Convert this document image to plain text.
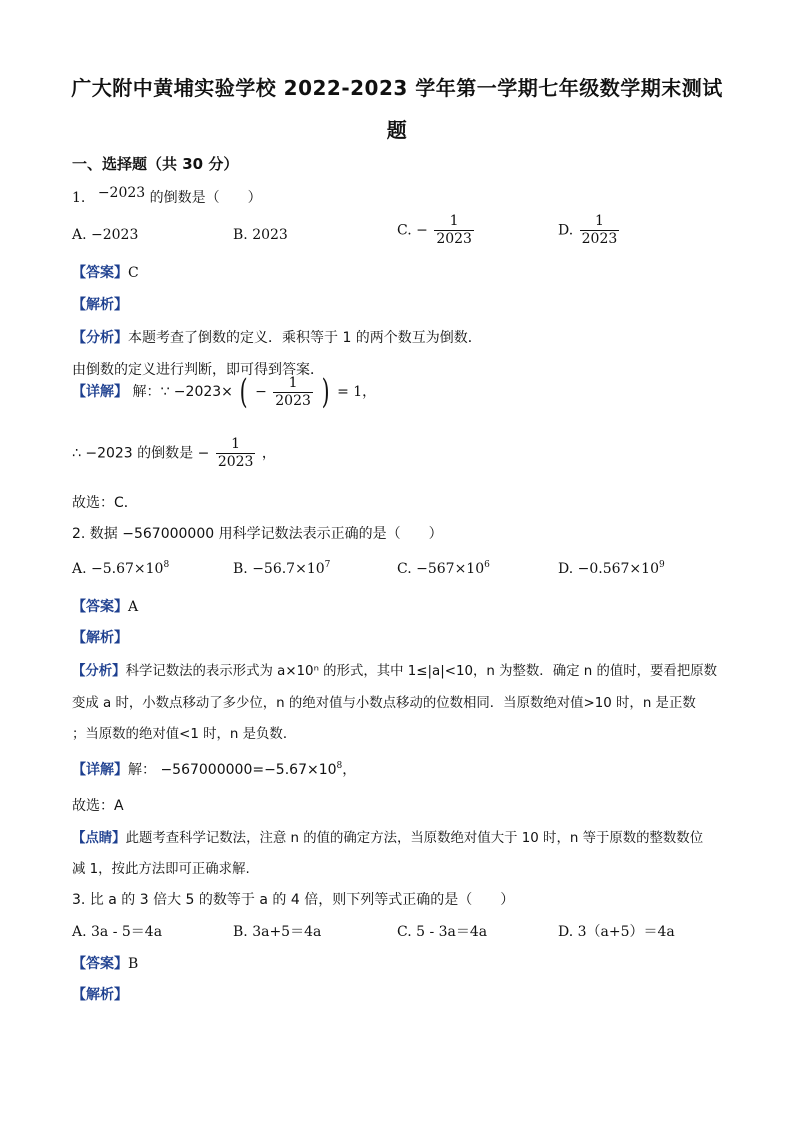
广大附中黄埔实验学校 2022-2023 学年第一学期七年级数学期末测试
题
一、选择题（共 30 分）
1. −2023 的倒数是（　　）
A. −2023	B. 2023	C. − $\frac{1}{2023}$	D. $\frac{1}{2023}$
【答案】C
【解析】
【分析】本题考查了倒数的定义．乘积等于 1 的两个数互为倒数．
由倒数的定义进行判断，即可得到答案．
【详解】 解：∵ −2023× ( − $\frac{1}{2023}$ ) = 1，
∴ −2023 的倒数是 − $\frac{1}{2023}$ ，
故选：C．
2. 数据 −567000000 用科学记数法表示正确的是（　　）
A. $-5.67\times 10^8$	B. $-56.7\times 10^7$	C. $-567\times 10^6$	D. $-0.567\times 10^9$
【答案】A
【解析】
【分析】科学记数法的表示形式为 a×10ⁿ 的形式，其中 1≤|a|<10，n 为整数．确定 n 的值时，要看把原数
变成 a 时，小数点移动了多少位，n 的绝对值与小数点移动的位数相同．当原数绝对值>10 时，n 是正数
；当原数的绝对值<1 时，n 是负数．
【详解】解： $-567000000=-5.67\times 10^8$，
故选：A
【点睛】此题考查科学记数法，注意 n 的值的确定方法，当原数绝对值大于 10 时，n 等于原数的整数数位
减 1，按此方法即可正确求解.
3. 比 a 的 3 倍大 5 的数等于 a 的 4 倍，则下列等式正确的是（　　）
A. 3a - 5＝4a	B. 3a+5＝4a	C. 5 - 3a＝4a	D. 3（a+5）＝4a
【答案】B
【解析】
